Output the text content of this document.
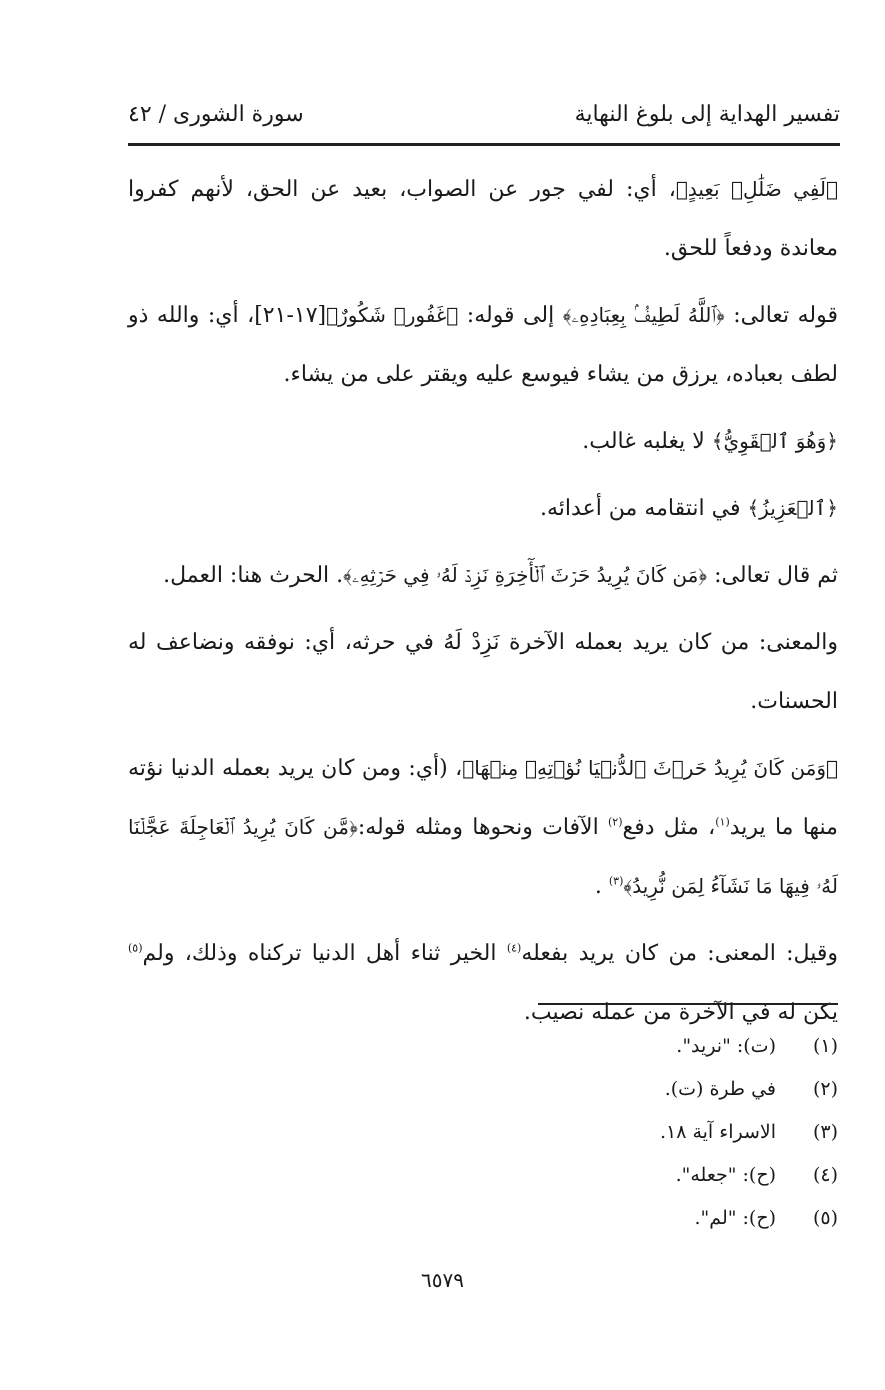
تفسير الهداية إلى بلوغ النهاية
سورة الشورى / ٤٢

﴿لَفِي ضَلَٰلِۭ بَعِيدٍ﴾، أي: لفي جور عن الصواب، بعيد عن الحق، لأنهم كفروا معاندة ودفعاً للحق.

قوله تعالى: ﴿ٱللَّهُ لَطِيفُۢ بِعِبَادِهِۦ﴾ إلى قوله: ﴿غَفُورٞ شَكُورٌ﴾[١٧-٢١]، أي: والله ذو لطف بعباده، يرزق من يشاء فيوسع عليه ويقتر على من يشاء.

﴿وَهُوَ ٱلۡقَوِيُّ﴾ لا يغلبه غالب.

﴿ٱلۡعَزِيزُ﴾ في انتقامه من أعدائه.

ثم قال تعالى: ﴿مَن كَانَ يُرِيدُ حَرۡثَ ٱلۡأٓخِرَةِ نَزِدۡ لَهُۥ فِي حَرۡثِهِۦ﴾. الحرث هنا: العمل.

والمعنى: من كان يريد بعمله الآخرة نَزِدْ لَهُ في حرثه، أي: نوفقه ونضاعف له الحسنات.

﴿وَمَن كَانَ يُرِيدُ حَرۡثَ ٱلدُّنۡيَا نُؤۡتِهِۦ مِنۡهَا﴾، (أي: ومن كان يريد بعمله الدنيا نؤته منها ما يريد$^{(١)}$، مثل دفع$^{(٢)}$ الآفات ونحوها ومثله قوله:﴿مَّن كَانَ يُرِيدُ ٱلۡعَاجِلَةَ عَجَّلۡنَا لَهُۥ فِيهَا مَا نَشَآءُ لِمَن نُّرِيدُ﴾$^{(٣)}$ .

وقيل: المعنى: من كان يريد بفعله$^{(٤)}$ الخير ثناء أهل الدنيا تركناه وذلك، ولم$^{(٥)}$ يكن له في الآخرة من عمله نصيب.

(١)
(ت): "نريد".
(٢)
في طرة (ت).
(٣)
الاسراء آية ١٨.
(٤)
(ح): "جعله".
(٥)
(ح): "لم".
٦٥٧٩
